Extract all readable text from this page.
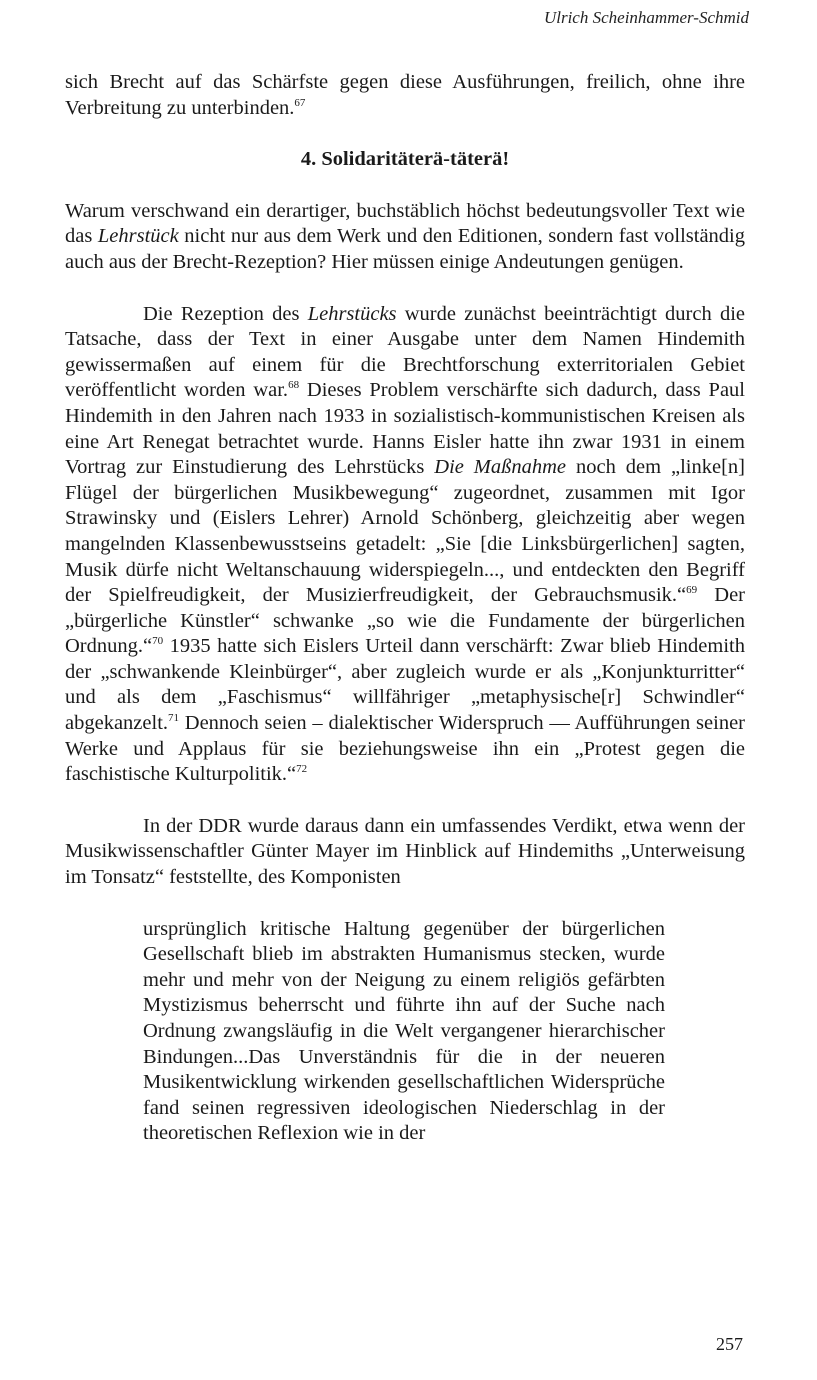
Ulrich Scheinhammer-Schmid

sich Brecht auf das Schärfste gegen diese Ausführungen, freilich, ohne ihre Verbreitung zu unterbinden.$^{67}$

4. Solidaritäterä-täterä!

Warum verschwand ein derartiger, buchstäblich höchst bedeutungsvoller Text wie das Lehrstück nicht nur aus dem Werk und den Editionen, sondern fast vollständig auch aus der Brecht-Rezeption? Hier müssen einige Andeutungen genügen.

Die Rezeption des Lehrstücks wurde zunächst beeinträchtigt durch die Tatsache, dass der Text in einer Ausgabe unter dem Namen Hindemith gewissermaßen auf einem für die Brechtforschung exterritorialen Gebiet veröffentlicht worden war.$^{68}$ Dieses Problem verschärfte sich dadurch, dass Paul Hindemith in den Jahren nach 1933 in sozialistisch-kommunistischen Kreisen als eine Art Renegat betrachtet wurde. Hanns Eisler hatte ihn zwar 1931 in einem Vortrag zur Einstudierung des Lehrstücks Die Maßnahme noch dem „linke[n] Flügel der bürgerlichen Musikbewegung“ zugeordnet, zusammen mit Igor Strawinsky und (Eislers Lehrer) Arnold Schönberg, gleichzeitig aber wegen mangelnden Klassenbewusstseins getadelt: „Sie [die Linksbürgerlichen] sagten, Musik dürfe nicht Weltanschauung widerspiegeln..., und entdeckten den Begriff der Spielfreudigkeit, der Musizierfreudigkeit, der Gebrauchsmusik.“$^{69}$ Der „bürgerliche Künstler“ schwanke „so wie die Fundamente der bürgerlichen Ordnung.“$^{70}$ 1935 hatte sich Eislers Urteil dann verschärft: Zwar blieb Hindemith der „schwankende Kleinbürger“, aber zugleich wurde er als „Konjunkturritter“ und als dem „Faschismus“ willfähriger „metaphysische[r] Schwindler“ abgekanzelt.$^{71}$ Dennoch seien – dialektischer Widerspruch — Aufführungen seiner Werke und Applaus für sie beziehungsweise ihn ein „Protest gegen die faschistische Kulturpolitik.“$^{72}$

In der DDR wurde daraus dann ein umfassendes Verdikt, etwa wenn der Musikwissenschaftler Günter Mayer im Hinblick auf Hindemiths „Unterweisung im Tonsatz“ feststellte, des Komponisten

ursprünglich kritische Haltung gegenüber der bürgerlichen Gesellschaft blieb im abstrakten Humanismus stecken, wurde mehr und mehr von der Neigung zu einem religiös gefärbten Mystizismus beherrscht und führte ihn auf der Suche nach Ordnung zwangsläufig in die Welt vergangener hierarchischer Bindungen...Das Unverständnis für die in der neueren Musikentwicklung wirkenden gesellschaftlichen Widersprüche fand seinen regressiven ideologischen Niederschlag in der theoretischen Reflexion wie in der

257
